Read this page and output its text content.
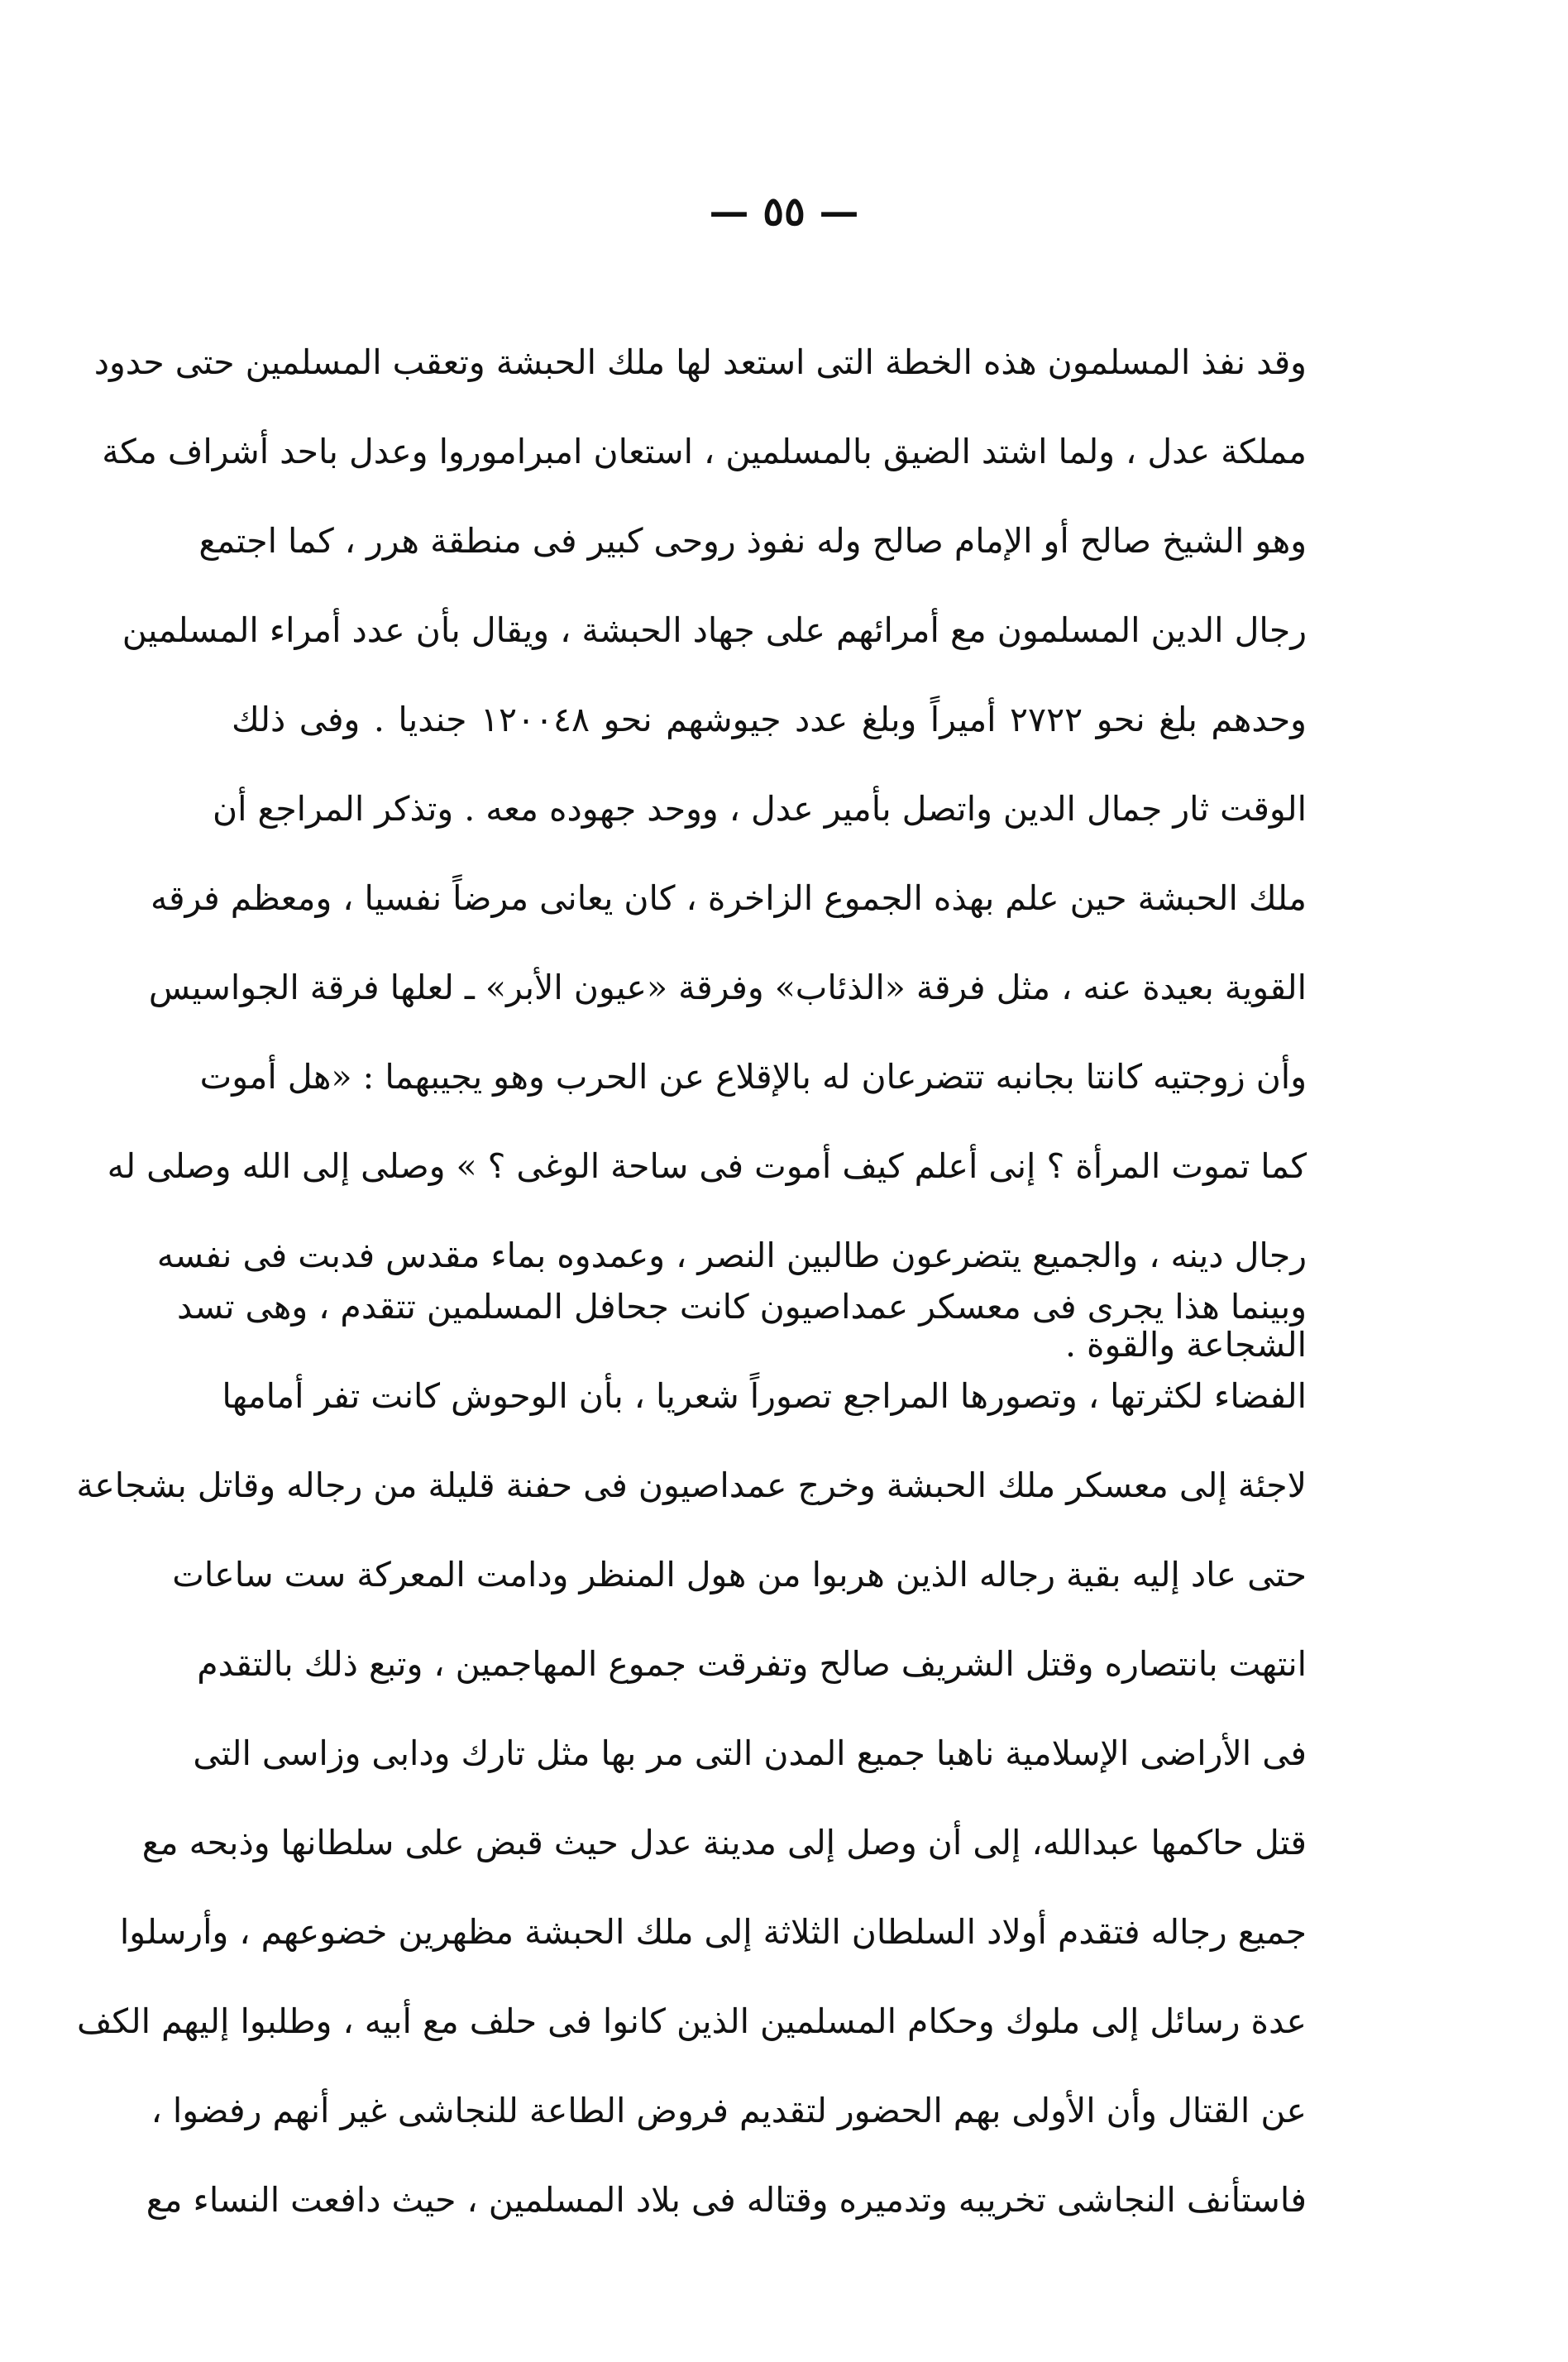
— ٥٥ —
وقد نفذ المسلمون هذه الخطة التى استعد لها ملك الحبشة وتعقب المسلمين حتى حدود
مملكة عدل ، ولما اشتد الضيق بالمسلمين ، استعان امبراموروا وعدل باحد أشراف مكة
وهو الشيخ صالح أو الإمام صالح وله نفوذ روحى كبير فى منطقة هرر ، كما اجتمع
رجال الدين المسلمون مع أمرائهم على جهاد الحبشة ، ويقال بأن عدد أمراء المسلمين
وحدهم بلغ نحو ٢٧٢٢ أميراً وبلغ عدد جيوشهم نحو ١٢٠٠٤٨ جنديا . وفى ذلك
الوقت ثار جمال الدين واتصل بأمير عدل ، ووحد جهوده معه . وتذكر المراجع أن
ملك الحبشة حين علم بهذه الجموع الزاخرة ، كان يعانى مرضاً نفسيا ، ومعظم فرقه
القوية بعيدة عنه ، مثل فرقة «الذئاب» وفرقة «عيون الأبر» ـ لعلها فرقة الجواسيس
وأن زوجتيه كانتا بجانبه تتضرعان له بالإقلاع عن الحرب وهو يجيبهما : «هل أموت
كما تموت المرأة ؟ إنى أعلم كيف أموت فى ساحة الوغى ؟ » وصلى إلى الله وصلى له
رجال دينه ، والجميع يتضرعون طالبين النصر ، وعمدوه بماء مقدس فدبت فى نفسه
الشجاعة والقوة .
وبينما هذا يجرى فى معسكر عمداصيون كانت جحافل المسلمين تتقدم ، وهى تسد
الفضاء لكثرتها ، وتصورها المراجع تصوراً شعريا ، بأن الوحوش كانت تفر أمامها
لاجئة إلى معسكر ملك الحبشة وخرج عمداصيون فى حفنة قليلة من رجاله وقاتل بشجاعة
حتى عاد إليه بقية رجاله الذين هربوا من هول المنظر ودامت المعركة ست ساعات
انتهت بانتصاره وقتل الشريف صالح وتفرقت جموع المهاجمين ، وتبع ذلك بالتقدم
فى الأراضى الإسلامية ناهبا جميع المدن التى مر بها مثل تارك ودابى وزاسى التى
قتل حاكمها عبدالله، إلى أن وصل إلى مدينة عدل حيث قبض على سلطانها وذبحه مع
جميع رجاله فتقدم أولاد السلطان الثلاثة إلى ملك الحبشة مظهرين خضوعهم ، وأرسلوا
عدة رسائل إلى ملوك وحكام المسلمين الذين كانوا فى حلف مع أبيه ، وطلبوا إليهم الكف
عن القتال وأن الأولى بهم الحضور لتقديم فروض الطاعة للنجاشى غير أنهم رفضوا ،
فاستأنف النجاشى تخريبه وتدميره وقتاله فى بلاد المسلمين ، حيث دافعت النساء مع
